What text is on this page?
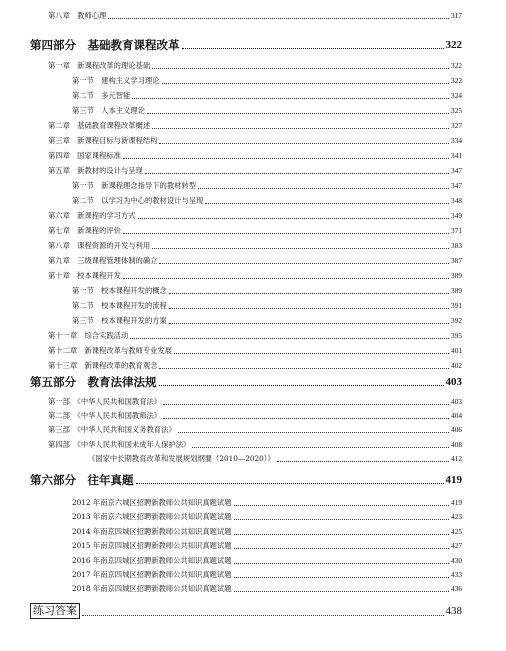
第八章　教师心理	317
第四部分　基础教育课程改革	322
第一章　新课程改革的理论基础	322
第一节　建构主义学习理论	322
第二节　多元智能	324
第三节　人本主义理论	325
第二章　基础教育课程改革概述	327
第三章　新课程目标与新课程结构	334
第四章　国家课程标准	341
第五章　新教材的设计与呈现	347
第一节　新课程理念指导下的教材转型	347
第二节　以学习为中心的教材设计与呈现	348
第六章　新课程的学习方式	349
第七章　新课程的评价	371
第八章　课程资源的开发与利用	383
第九章　三级课程管理体制的确立	387
第十章　校本课程开发	389
第一节　校本课程开发的概念	389
第二节　校本课程开发的流程	391
第三节　校本课程开发的方案	392
第十一章　综合实践活动	395
第十二章　新课程改革与教师专业发展	401
第十三章　新课程改革的教育观念	402
第五部分　教育法律法规	403
第一部　《中华人民共和国教育法》	403
第二部　《中华人民共和国教师法》	404
第三部　《中华人民共和国义务教育法》	406
第四部　《中华人民共和国未成年人保护法》	408
《国家中长期教育改革和发展规划纲要（2010—2020）》	412
第六部分　往年真题	419
2012 年南京六城区招聘新教师公共知识真题试题	419
2013 年南京六城区招聘新教师公共知识真题试题	423
2014 年南京四城区招聘新教师公共知识真题试题	425
2015 年南京四城区招聘新教师公共知识真题试题	427
2016 年南京四城区招聘新教师公共知识真题试题	430
2017 年南京四城区招聘新教师公共知识真题试题	433
2018 年南京四城区招聘新教师公共知识真题试题	436
练习答案	438
